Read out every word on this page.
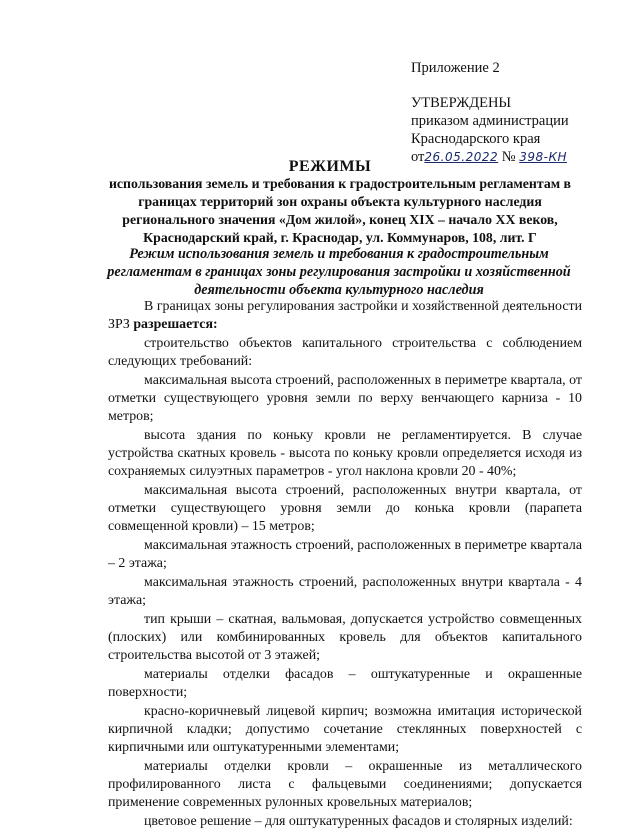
Приложение 2
УТВЕРЖДЕНЫ
приказом администрации
Краснодарского края
от26.05.2022 № 398-КН
РЕЖИМЫ
использования земель и требования к градостроительным регламентам в границах территорий зон охраны объекта культурного наследия регионального значения «Дом жилой», конец XIX – начало XX веков, Краснодарский край, г. Краснодар, ул. Коммунаров, 108, лит. Г
Режим использования земель и требования к градостроительным регламентам в границах зоны регулирования застройки и хозяйственной деятельности объекта культурного наследия

В границах зоны регулирования застройки и хозяйственной деятельности ЗРЗ разрешается:

строительство объектов капитального строительства с соблюдением следующих требований:

максимальная высота строений, расположенных в периметре квартала, от отметки существующего уровня земли по верху венчающего карниза - 10 метров;

высота здания по коньку кровли не регламентируется. В случае устройства скатных кровель - высота по коньку кровли определяется исходя из сохраняемых силуэтных параметров - угол наклона кровли 20 - 40%;

максимальная высота строений, расположенных внутри квартала, от отметки существующего уровня земли до конька кровли (парапета совмещенной кровли) – 15 метров;

максимальная этажность строений, расположенных в периметре квартала – 2 этажа;

максимальная этажность строений, расположенных внутри квартала - 4 этажа;

тип крыши – скатная, вальмовая, допускается устройство совмещенных (плоских) или комбинированных кровель для объектов капитального строительства высотой от 3 этажей;

материалы отделки фасадов – оштукатуренные и окрашенные поверхности;

красно-коричневый лицевой кирпич; возможна имитация исторической кирпичной кладки; допустимо сочетание стеклянных поверхностей с кирпичными или оштукатуренными элементами;

материалы отделки кровли – окрашенные из металлического профилированного листа с фальцевыми соединениями; допускается применение современных рулонных кровельных материалов;

цветовое решение – для оштукатуренных фасадов и столярных изделий:
